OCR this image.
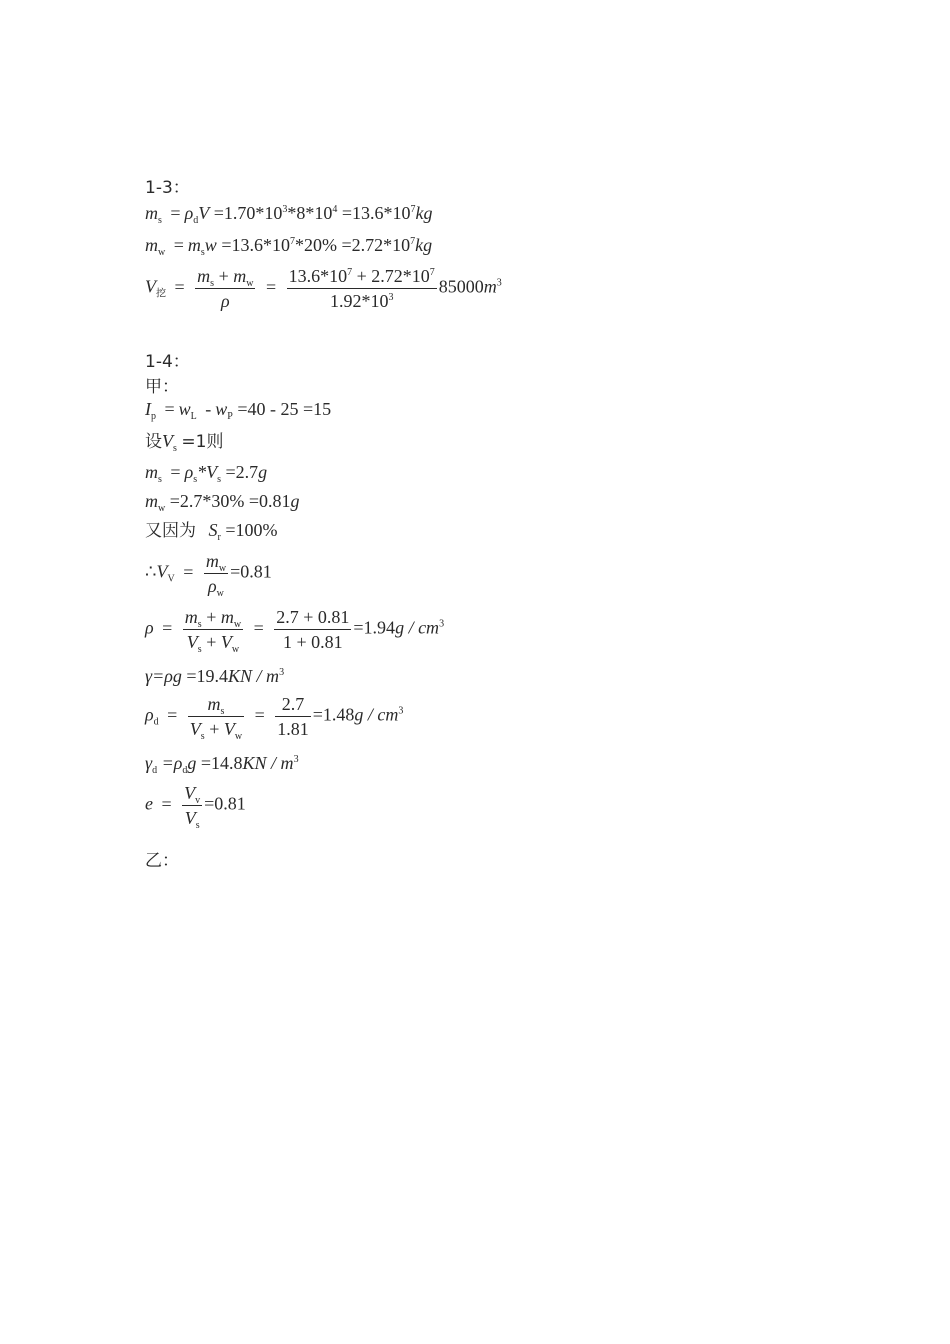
1-3：
$m_s = \rho_dV =1.70*10^3*8*10^4 =13.6*10^7kg$
$m_w = m_sw =13.6*10^7*20\% =2.72*10^7kg$
$V_挖 = \frac{m_s + m_w}{\rho} = \frac{13.6*10^7 + 2.72*10^7}{1.92*10^3} 85000m^3$
1-4：
甲：
$I_p = w_L - w_P =40 - 25 =15$
设$V_s =1$则
$m_s = \rho_s*V_s =2.7g$
$m_w =2.7*30\% =0.81g$
又因为 $S_r =100\%$
$\therefore V_V = \frac{m_w}{\rho_w} =0.81$
$\rho = \frac{m_s + m_w}{V_s + V_w} = \frac{2.7 + 0.81}{1 + 0.81} =1.94g / cm^3$
$\gamma=\rho g =19.4KN / m^3$
$\rho_d = \frac{m_s}{V_s + V_w} = \frac{2.7}{1.81} =1.48g / cm^3$
$\gamma_d =\rho_dg =14.8KN / m^3$
$e = \frac{V_v}{V_s} =0.81$
乙：
